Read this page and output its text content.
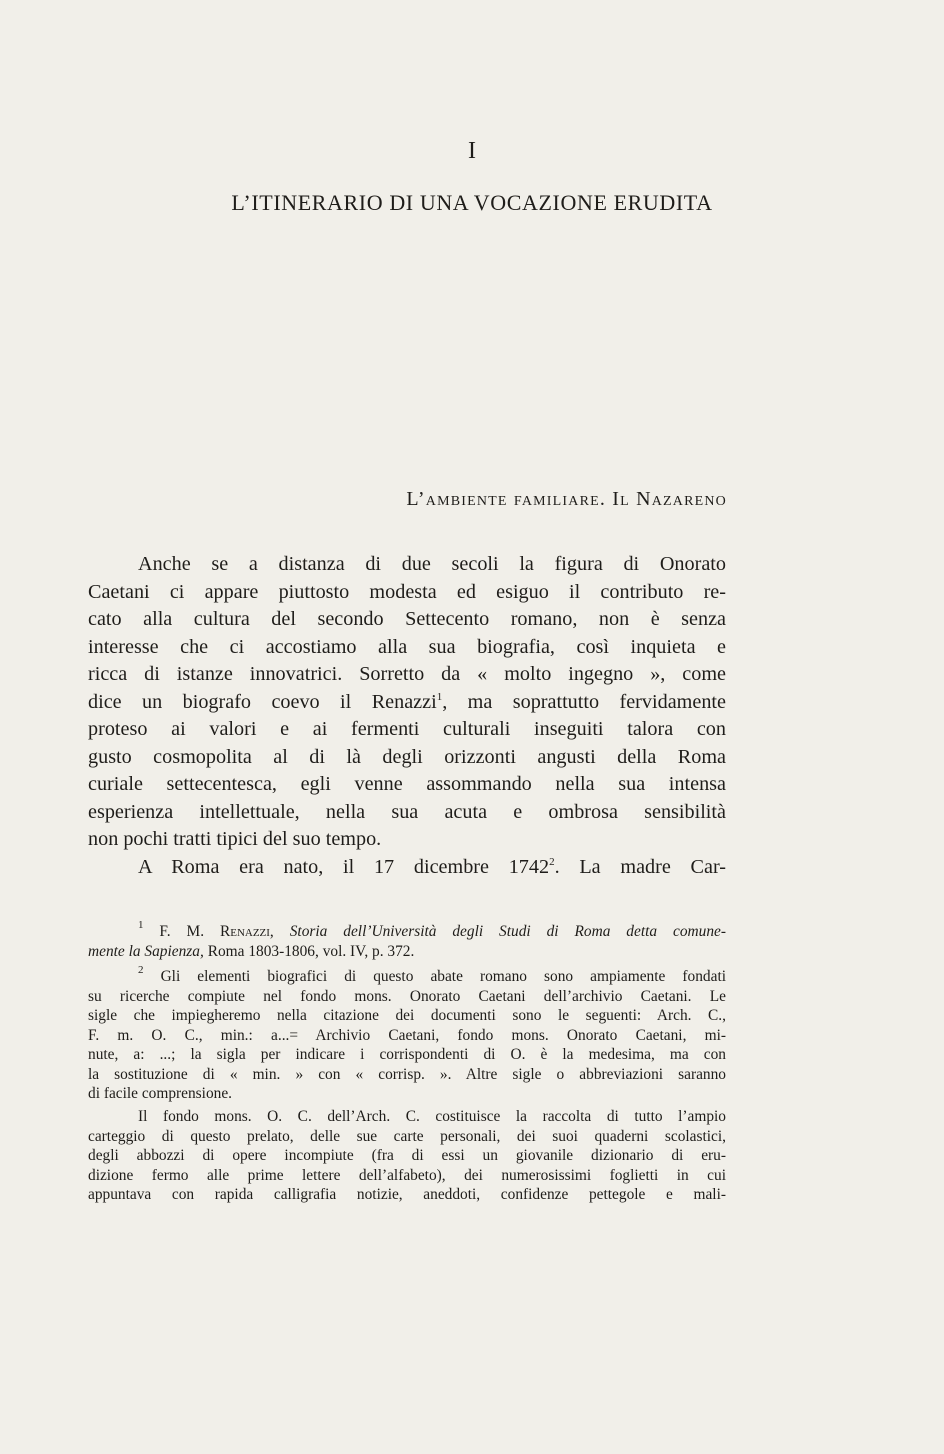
I
L’ITINERARIO DI UNA VOCAZIONE ERUDITA
L’ambiente familiare. Il Nazareno
Anche se a distanza di due secoli la figura di Onorato
Caetani ci appare piuttosto modesta ed esiguo il contributo re-
cato alla cultura del secondo Settecento romano, non è senza
interesse che ci accostiamo alla sua biografia, così inquieta e
ricca di istanze innovatrici. Sorretto da « molto ingegno », come
dice un biografo coevo il Renazzi$^1$, ma soprattutto fervidamente
proteso ai valori e ai fermenti culturali inseguiti talora con
gusto cosmopolita al di là degli orizzonti angusti della Roma
curiale settecentesca, egli venne assommando nella sua intensa
esperienza intellettuale, nella sua acuta e ombrosa sensibilità
non pochi tratti tipici del suo tempo.
A Roma era nato, il 17 dicembre 1742$^2$. La madre Car-
$^1$ F. M. Renazzi, Storia dell’Università degli Studi di Roma detta comune-
mente la Sapienza, Roma 1803-1806, vol. IV, p. 372.
$^2$ Gli elementi biografici di questo abate romano sono ampiamente fondati
su ricerche compiute nel fondo mons. Onorato Caetani dell’archivio Caetani. Le
sigle che impiegheremo nella citazione dei documenti sono le seguenti: Arch. C.,
F. m. O. C., min.: a...= Archivio Caetani, fondo mons. Onorato Caetani, mi-
nute, a: ...; la sigla per indicare i corrispondenti di O. è la medesima, ma con
la sostituzione di « min. » con « corrisp. ». Altre sigle o abbreviazioni saranno
di facile comprensione.
Il fondo mons. O. C. dell’Arch. C. costituisce la raccolta di tutto l’ampio
carteggio di questo prelato, delle sue carte personali, dei suoi quaderni scolastici,
degli abbozzi di opere incompiute (fra di essi un giovanile dizionario di eru-
dizione fermo alle prime lettere dell’alfabeto), dei numerosissimi foglietti in cui
appuntava con rapida calligrafia notizie, aneddoti, confidenze pettegole e mali-
